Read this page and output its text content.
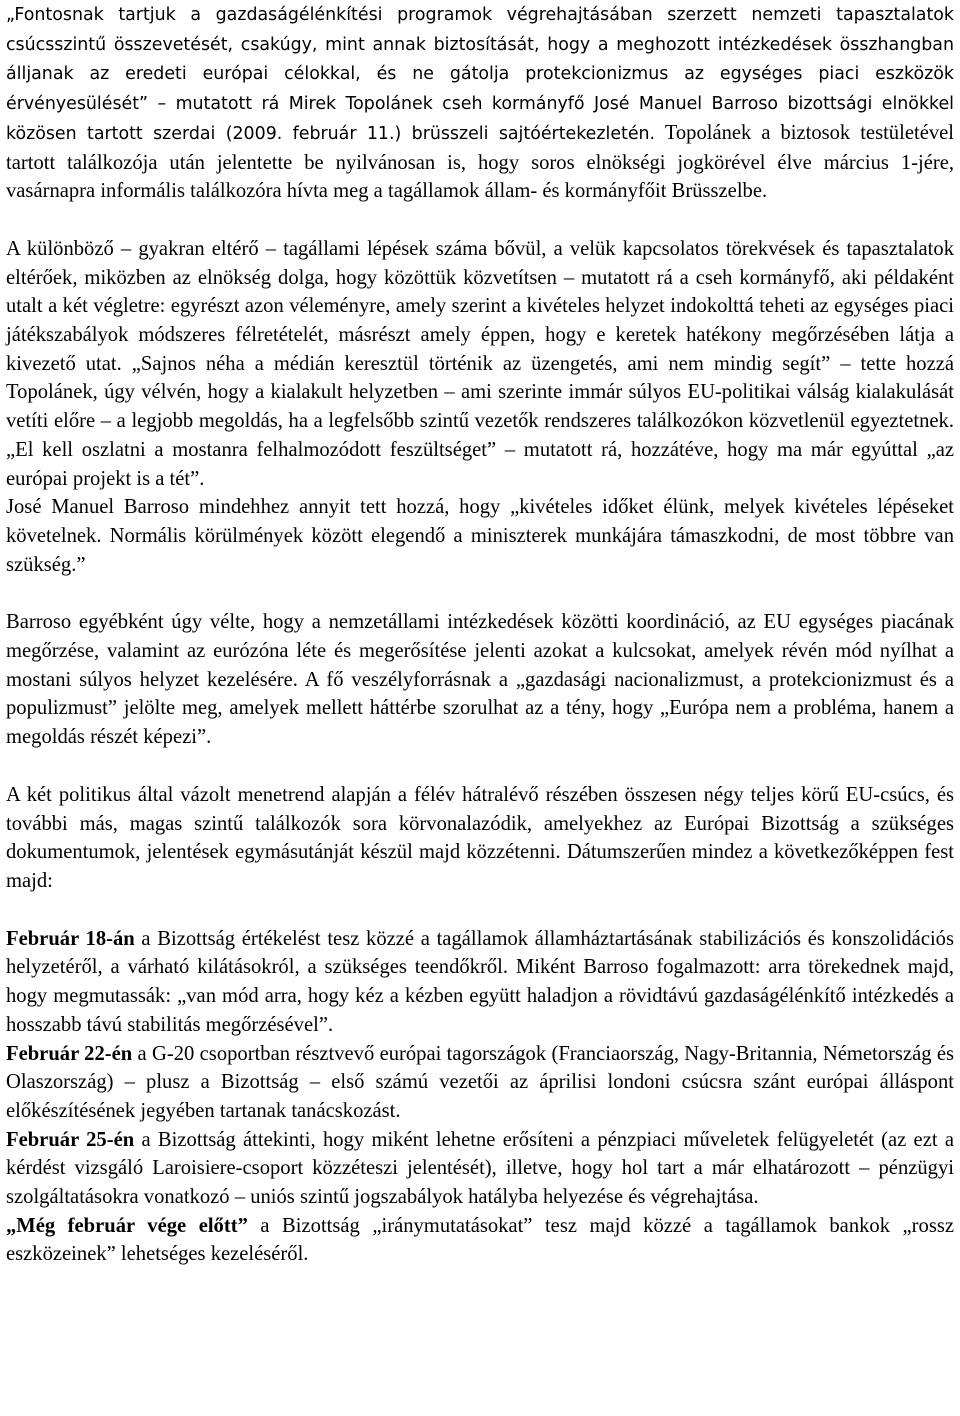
„Fontosnak tartjuk a gazdaságélénkítési programok végrehajtásában szerzett nemzeti tapasztalatok csúcsszintű összevetését, csakúgy, mint annak biztosítását, hogy a meghozott intézkedések összhangban álljanak az eredeti európai célokkal, és ne gátolja protekcionizmus az egységes piaci eszközök érvényesülését” – mutatott rá Mirek Topolánek cseh kormányfő José Manuel Barroso bizottsági elnökkel közösen tartott szerdai (2009. február 11.) brüsszeli sajtóértekezletén. Topolánek a biztosok testületével tartott találkozója után jelentette be nyilvánosan is, hogy soros elnökségi jogkörével élve március 1-jére, vasárnapra informális találkozóra hívta meg a tagállamok állam- és kormányfőit Brüsszelbe.

A különböző – gyakran eltérő – tagállami lépések száma bővül, a velük kapcsolatos törekvések és tapasztalatok eltérőek, miközben az elnökség dolga, hogy közöttük közvetítsen – mutatott rá a cseh kormányfő, aki példaként utalt a két végletre: egyrészt azon véleményre, amely szerint a kivételes helyzet indokolttá teheti az egységes piaci játékszabályok módszeres félretételét, másrészt amely éppen, hogy e keretek hatékony megőrzésében látja a kivezető utat. „Sajnos néha a médián keresztül történik az üzengetés, ami nem mindig segít” – tette hozzá Topolánek, úgy vélvén, hogy a kialakult helyzetben – ami szerinte immár súlyos EU-politikai válság kialakulását vetíti előre – a legjobb megoldás, ha a legfelsőbb szintű vezetők rendszeres találkozókon közvetlenül egyeztetnek. „El kell oszlatni a mostanra felhalmozódott feszültséget” – mutatott rá, hozzátéve, hogy ma már egyúttal „az európai projekt is a tét”.

José Manuel Barroso mindehhez annyit tett hozzá, hogy „kivételes időket élünk, melyek kivételes lépéseket követelnek. Normális körülmények között elegendő a miniszterek munkájára támaszkodni, de most többre van szükség.”

Barroso egyébként úgy vélte, hogy a nemzetállami intézkedések közötti koordináció, az EU egységes piacának megőrzése, valamint az eurózóna léte és megerősítése jelenti azokat a kulcsokat, amelyek révén mód nyílhat a mostani súlyos helyzet kezelésére. A fő veszélyforrásnak a „gazdasági nacionalizmust, a protekcionizmust és a populizmust” jelölte meg, amelyek mellett háttérbe szorulhat az a tény, hogy „Európa nem a probléma, hanem a megoldás részét képezi”.

A két politikus által vázolt menetrend alapján a félév hátralévő részében összesen négy teljes körű EU-csúcs, és további más, magas szintű találkozók sora körvonalazódik, amelyekhez az Európai Bizottság a szükséges dokumentumok, jelentések egymásutánját készül majd közzétenni. Dátumszerűen mindez a következőképpen fest majd:

Február 18-án a Bizottság értékelést tesz közzé a tagállamok államháztartásának stabilizációs és konszolidációs helyzetéről, a várható kilátásokról, a szükséges teendőkről. Miként Barroso fogalmazott: arra törekednek majd, hogy megmutassák: „van mód arra, hogy kéz a kézben együtt haladjon a rövidtávú gazdaságélénkítő intézkedés a hosszabb távú stabilitás megőrzésével”.

Február 22-én a G-20 csoportban résztvevő európai tagországok (Franciaország, Nagy-Britannia, Németország és Olaszország) – plusz a Bizottság – első számú vezetői az áprilisi londoni csúcsra szánt európai álláspont előkészítésének jegyében tartanak tanácskozást.

Február 25-én a Bizottság áttekinti, hogy miként lehetne erősíteni a pénzpiaci műveletek felügyeletét (az ezt a kérdést vizsgáló Laroisiere-csoport közzéteszi jelentését), illetve, hogy hol tart a már elhatározott – pénzügyi szolgáltatásokra vonatkozó – uniós szintű jogszabályok hatályba helyezése és végrehajtása.

„Még február vége előtt” a Bizottság „iránymutatásokat” tesz majd közzé a tagállamok bankok „rossz eszközeinek” lehetséges kezeléséről.
